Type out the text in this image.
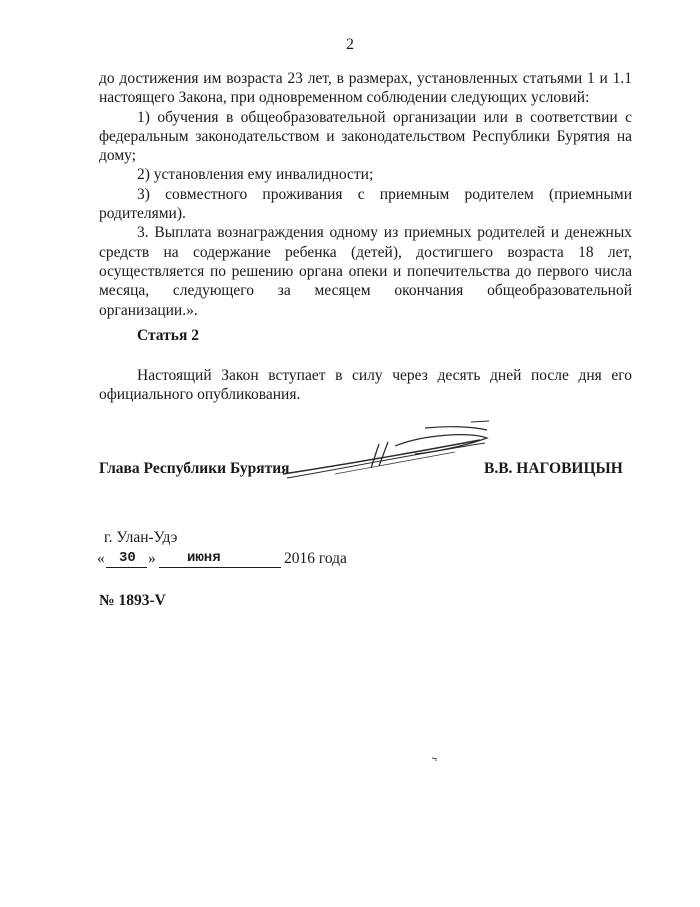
2

до достижения им возраста 23 лет, в размерах, установленных статьями 1 и 1.1 настоящего Закона, при одновременном соблюдении следующих условий:

1) обучения в общеобразовательной организации или в соответствии с федеральным законодательством и законодательством Республики Бурятия на дому;

2) установления ему инвалидности;

3) совместного проживания с приемным родителем (приемными родителями).

3. Выплата вознаграждения одному из приемных родителей и денежных средств на содержание ребенка (детей), достигшего возраста 18 лет, осуществляется по решению органа опеки и попечительства до первого числа месяца, следующего за месяцем окончания общеобразовательной организации.».

Статья 2
Настоящий Закон вступает в силу через десять дней после дня его официального опубликования.
Глава Республики Бурятия	В.В. НАГОВИЦЫН
г. Улан-Удэ
« 30 » июня	2016 года
№ 1893-V
